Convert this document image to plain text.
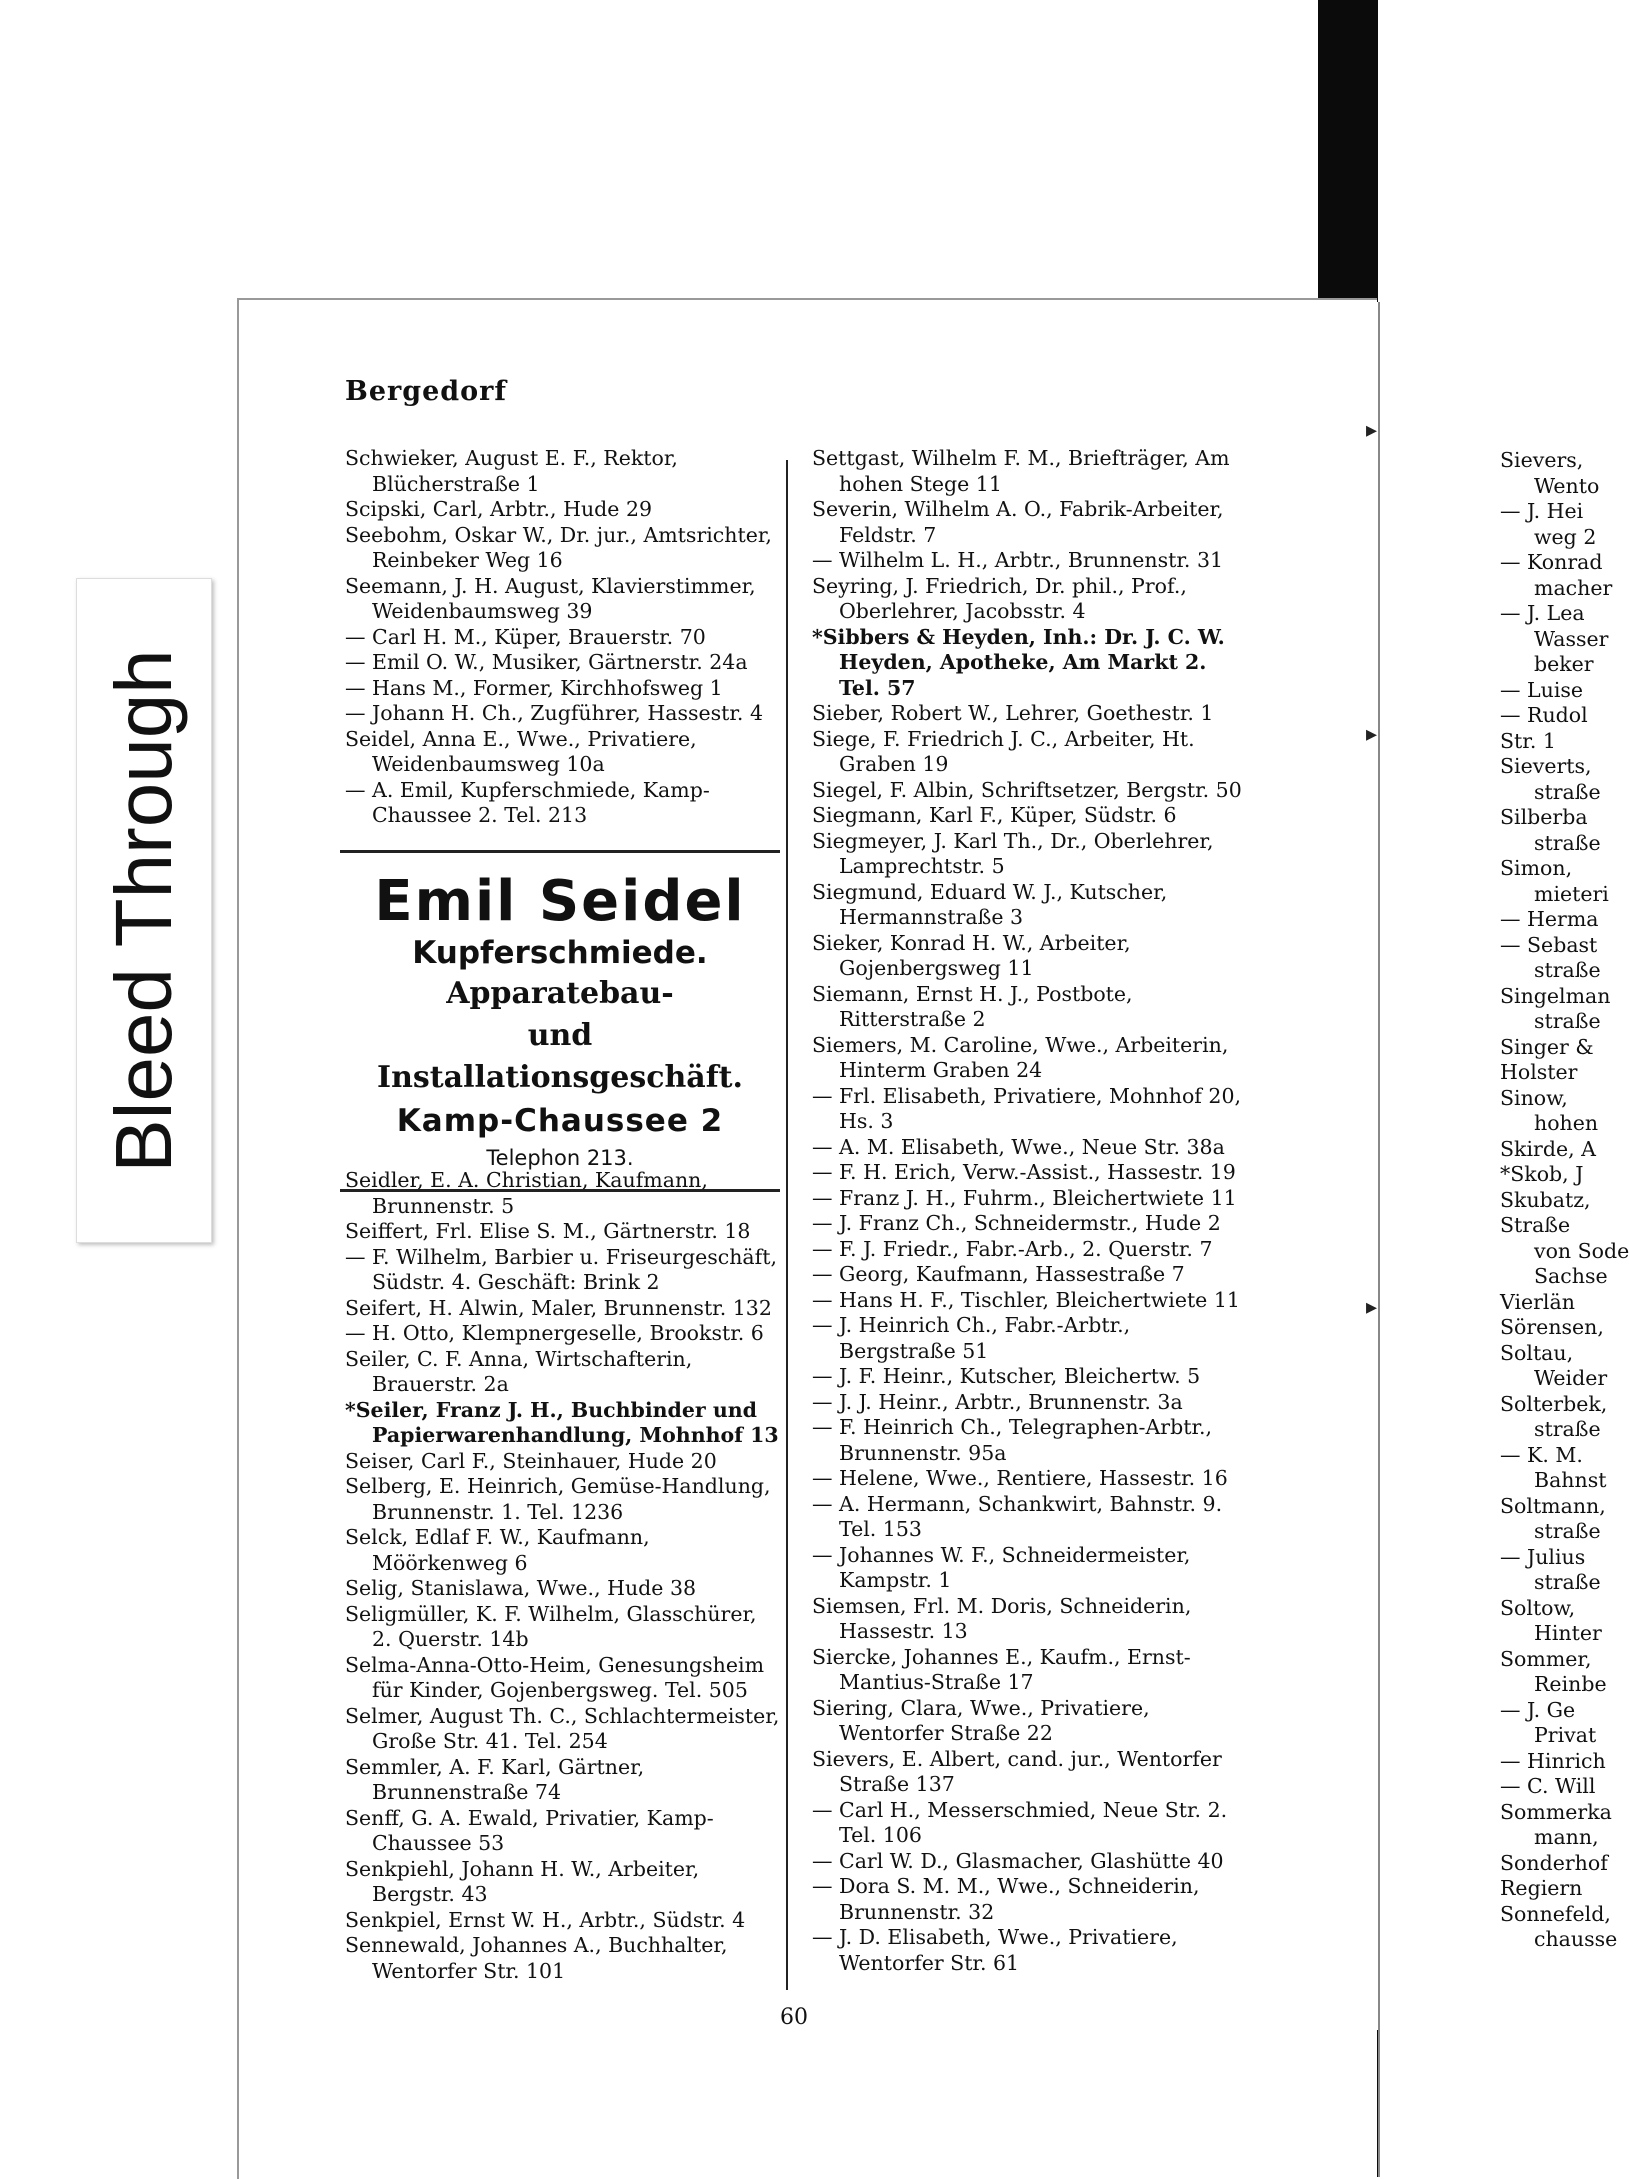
Bleed Through
Bergedorf
Schwieker, August E. F., Rektor, Blücherstraße 1
Scipski, Carl, Arbtr., Hude 29
Seebohm, Oskar W., Dr. jur., Amtsrichter, Reinbeker Weg 16
Seemann, J. H. August, Klavierstimmer, Weidenbaumsweg 39
— Carl H. M., Küper, Brauerstr. 70
— Emil O. W., Musiker, Gärtnerstr. 24a
— Hans M., Former, Kirchhofsweg 1
— Johann H. Ch., Zugführer, Hassestr. 4
Seidel, Anna E., Wwe., Privatiere, Weidenbaumsweg 10a
— A. Emil, Kupferschmiede, Kamp-Chaussee 2. Tel. 213
Emil Seidel
Kupferschmiede.
Apparatebau-
und Installationsgeschäft.
Kamp-Chaussee 2
Telephon 213.
Seidler, E. A. Christian, Kaufmann, Brunnenstr. 5
Seiffert, Frl. Elise S. M., Gärtnerstr. 18
— F. Wilhelm, Barbier u. Friseurgeschäft, Südstr. 4. Geschäft: Brink 2
Seifert, H. Alwin, Maler, Brunnenstr. 132
— H. Otto, Klempnergeselle, Brookstr. 6
Seiler, C. F. Anna, Wirtschafterin, Brauerstr. 2a
*Seiler, Franz J. H., Buchbinder und Papierwarenhandlung, Mohnhof 13
Seiser, Carl F., Steinhauer, Hude 20
Selberg, E. Heinrich, Gemüse-Handlung, Brunnenstr. 1. Tel. 1236
Selck, Edlaf F. W., Kaufmann, Möörkenweg 6
Selig, Stanislawa, Wwe., Hude 38
Seligmüller, K. F. Wilhelm, Glasschürer, 2. Querstr. 14b
Selma-Anna-Otto-Heim, Genesungsheim für Kinder, Gojenbergsweg. Tel. 505
Selmer, August Th. C., Schlachtermeister, Große Str. 41. Tel. 254
Semmler, A. F. Karl, Gärtner, Brunnenstraße 74
Senff, G. A. Ewald, Privatier, Kamp-Chaussee 53
Senkpiehl, Johann H. W., Arbeiter, Bergstr. 43
Senkpiel, Ernst W. H., Arbtr., Südstr. 4
Sennewald, Johannes A., Buchhalter, Wentorfer Str. 101
Settgast, Wilhelm F. M., Briefträger, Am hohen Stege 11
Severin, Wilhelm A. O., Fabrik-Arbeiter, Feldstr. 7
— Wilhelm L. H., Arbtr., Brunnenstr. 31
Seyring, J. Friedrich, Dr. phil., Prof., Oberlehrer, Jacobsstr. 4
*Sibbers & Heyden, Inh.: Dr. J. C. W. Heyden, Apotheke, Am Markt 2. Tel. 57
Sieber, Robert W., Lehrer, Goethestr. 1
Siege, F. Friedrich J. C., Arbeiter, Ht. Graben 19
Siegel, F. Albin, Schriftsetzer, Bergstr. 50
Siegmann, Karl F., Küper, Südstr. 6
Siegmeyer, J. Karl Th., Dr., Oberlehrer, Lamprechtstr. 5
Siegmund, Eduard W. J., Kutscher, Hermannstraße 3
Sieker, Konrad H. W., Arbeiter, Gojenbergsweg 11
Siemann, Ernst H. J., Postbote, Ritterstraße 2
Siemers, M. Caroline, Wwe., Arbeiterin, Hinterm Graben 24
— Frl. Elisabeth, Privatiere, Mohnhof 20, Hs. 3
— A. M. Elisabeth, Wwe., Neue Str. 38a
— F. H. Erich, Verw.-Assist., Hassestr. 19
— Franz J. H., Fuhrm., Bleichertwiete 11
— J. Franz Ch., Schneidermstr., Hude 2
— F. J. Friedr., Fabr.-Arb., 2. Querstr. 7
— Georg, Kaufmann, Hassestraße 7
— Hans H. F., Tischler, Bleichertwiete 11
— J. Heinrich Ch., Fabr.-Arbtr., Bergstraße 51
— J. F. Heinr., Kutscher, Bleichertw. 5
— J. J. Heinr., Arbtr., Brunnenstr. 3a
— F. Heinrich Ch., Telegraphen-Arbtr., Brunnenstr. 95a
— Helene, Wwe., Rentiere, Hassestr. 16
— A. Hermann, Schankwirt, Bahnstr. 9. Tel. 153
— Johannes W. F., Schneidermeister, Kampstr. 1
Siemsen, Frl. M. Doris, Schneiderin, Hassestr. 13
Siercke, Johannes E., Kaufm., Ernst-Mantius-Straße 17
Siering, Clara, Wwe., Privatiere, Wentorfer Straße 22
Sievers, E. Albert, cand. jur., Wentorfer Straße 137
— Carl H., Messerschmied, Neue Str. 2. Tel. 106
— Carl W. D., Glasmacher, Glashütte 40
— Dora S. M. M., Wwe., Schneiderin, Brunnenstr. 32
— J. D. Elisabeth, Wwe., Privatiere, Wentorfer Str. 61
Sievers,
Wento
— J. Hei
weg 2
— Konrad
macher
— J. Lea
Wasser
beker
— Luise
— Rudol
Str. 1
Sieverts,
straße
Silberba
straße
Simon,
mieteri
— Herma
— Sebast
straße
Singelman
straße
Singer &
Holster
Sinow,
hohen
Skirde, A
*Skob, J
Skubatz,
Straße
von Sode
Sachse
Vierlän
Sörensen,
Soltau,
Weider
Solterbek,
straße
— K. M.
Bahnst
Soltmann,
straße
— Julius
straße
Soltow,
Hinter
Sommer,
Reinbe
— J. Ge
Privat
— Hinrich
— C. Will
Sommerka
mann,
Sonderhof
Regiern
Sonnefeld,
chausse
▸
▸
▸
60
